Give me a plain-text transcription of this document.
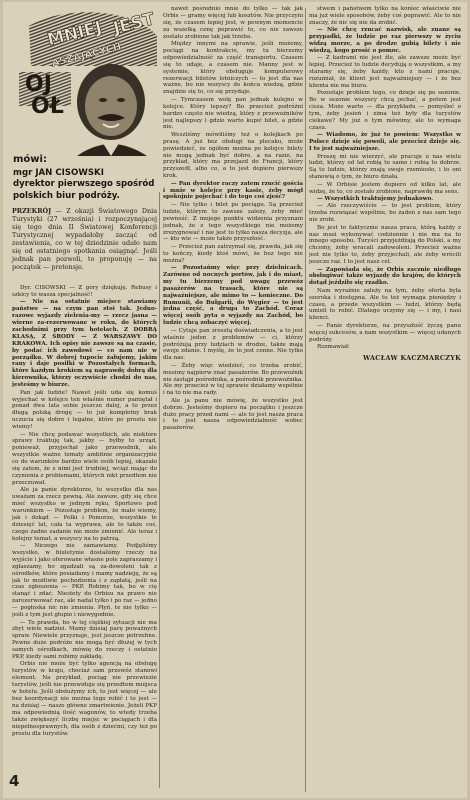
OJ
MNIEJ JEST
OŁ
ASZAJĄCYCH
mówi:
mgr JAN CISOWSKI
dyrektor pierwszego spośród
polskich biur podróży.
PRZEKRÓJ — Z okazji Światowego Dnia Turystyki (27 września) i rozpoczynającej się tego dnia II Światowej Konferencji Turystycznej wypadałoby zacząć od zestawienia, co w tej dziedzinie udało nam się od ostatniego spotkania osiągnąć. Jeśli jednak pan pozwoli, to proponuję — na początek — pretensje.

Dyr. CISOWSKI — Z góry dziękuję. Rebusy i szkicy to wasza specjalność!

— Nie na ostatnie miejsce stawiamy państwo — na czym pan stoi tak. Jedno-razowe wyjazdy zielenia-my — rzecz jasna — wierne za-rezerwowane w roku, do których zachodnimi przy tym hotelach. Z DOBRĄ KLASĄ, Z ŚRODY — Z WARSZAWY DO KRAKOWA. Ich opisy nie zawsze są na czasie, by podać ich zawodowi — co nam nie w porządku. W dobrej tupocie żałujemy, jakim rany i daje posiłki w Pozostałych formach, które każdym krokiem są naprawdę dobrą dla kierownika, którzy oczywiście chodzi do nas, jesteśmy w biurze.

Pan jak ludzie! Nawet jeśli uda się komuś wyjechać w kolejce ten właśnie numer pamiętał i ponad dwa lata sobie jeszcze dalej, a to przez długą polską drogę — to już kompletny brak uczucia się dobre i legalne, które po prostu nie wiemy!

— Nie chcę podawać wszystkich, ale niektóre sprawy traktuję tak, jakby — byłby to urząd, ponieważ, przyjechał jako przewodnik, ale wszystkie ważne tematy ambitnie organizacyjnie co do warunków bardzo wiele osób lepiej, okazało się zatem, że z nimi jest trudniej, wciąż mając do czynienia z problemami, których nikt przedtem nie przeczuwał.

Ale ja panie dyrektorze, to wszystko dla nas uważam za rzecz pewną. Ale zawsze, gdy się chce mieć wszystko w jednym ręku, Sportowo pod warunkiem — Pozostaje problem, że mało wiemy, jak i dokąd — Polki i Pomorze, wszystkie te dziesięć lat, cała ta wyprawa, ale to także coś, czego żadne zadanie nie może zmienić. Ale teraz i kolejny temat, a wszyscy na to patrzą.

— Niczego nie zamawiamy. Podjęliśmy wszystko, w biuletynie dostaliśmy rzeczy na wyjście i jako oferowane własne pole zapraszamy i zgłaszamy, bo zgadzali są za-dowoleni tak z ośrodków, które posiadamy i mamy nadzieję, że są jak to możliwie pochodzenia i z zapłatą, jeśli na czas zgłoszenia — PKP. Robimy tak, bo w cię stanąć i zdać. Niestety do Orbisu na prawo nie zarezerwować raz, ale nadal tylko i po raz — jedno — pogłoska nic nie zmienia. Płyń, te nie tylko — jeśli z tym jest głupio i niewygodnie.

— To prawda, bo w tej ciężkiej sytuacji nie ma zbyt wiele nadziei. Mamy dzisiaj parę poważnych spraw. Niewiele przyznaje, jest jeszcze potrzebne. Pewne duże podróże nie mogą być dłużej w tych samych ośrodkach, mówię do rzeczy i ostatnio PKP, kiedy sami robimy zakładę.

Orbis nie może być tylko agencją na obsługę turystów w kraju, chociaż sam przewóz stanowi element. Na przykład, pociąg nie przewiezie turystów, jeśli nie przewiduje się przedtem miejsca w hotelu. Jeśli obsłużymy ich, to jest więcej — ale bez koordynacji nie można tego robić i to jest — na dzisiaj — nasze główne zmartwienie. Jeżeli PKP ma odpowiednią ilość wagonów, to wtedy trzeba także zwiększyć liczbę miejsc w pociągach i dla niepełnosprawnych, dla osób z dziećmi, czy też po prostu dla turystów.

nawet pośrednio mnie do tylko — tak jak Orbis — gramy więcej lub kosztów. Nie przyczyni się, że czasem lepiej jest, w pewnym momencie za wszelką cenę poprawić to, co nie zawsze zostało zrobione tak jak trzeba.

Między innymi na sprawie, jeśli możemy, pociągi na kontrakcie, my tu bierzemy odpowiedzialność za część transportu. Czasem się to udaje, a czasem nie. Manny jest w systemie, który obsługuje komputerowy rezerwacji biletów lotniczych — to jest dla nas ważne, bo nie wszyscy do końca wiedzą, gdzie znajdzie się to, co się przydaje.

— Tymczasem wolę pan jednak kolejno w kolejce. Który lepszy? Bo przecież podróżni bardzo często nie wiedzą, który z przewoźników jest najlepszy i gdzie warto kupić bilet, a gdzie nie.

Weszliśmy mówiliśmy też o kolejkach po prasę. A już bez obsługi na plecaku, może powiedzieć, że ogółem można po kolejce bilety nie mogą jednak być dobre, a na razie, na przykład, który ma przejazd do Francji, który przyszedł, albo co, a to jest dopiero pierwszy krok.

— Pan dyrektor raczy zatem rzucić gościa i mnie w kolejce przy kasie, żeby mógł spokojnie pojechać i do tego coś zjeść?

— Nie tylko i bilet po pociągu. Są przecież ludzie, którym to zawsze zależy, żeby mieć pewność. Z mojego punktu widzenia przyznam jednak, że z tego wszystkiego nie możemy zrezygnować i nie jest to tylko nasza decyzja, ale — kto wie — może także przyszłość.

— Przecież pan zatrzymał się, prawda, jak się to kończy, kiedy ktoś mówi, że bez tego nie można?

— Pozostańmy więc przy dzielnicach. Zarówno od nocnych portów, jak i do miast, my tu bierzemy pod uwagę przewóz pasażerów na trasach, które nie są najważniejsze, ale mimo to — konieczne. Do Rumunii, do Bułgarii, do Węgier — to jest jedna część, a druga to Zachód. Coraz więcej osób pyta o wyjazdy na Zachód, bo ludzie chcą zobaczyć więcej.

— Cytuje pan zresztą doświadczenia, a to jest właśnie jeden z problemów — ci, którzy podróżują przy ludziach w drodze, także mają swoje zdanie. I myślę, że to jest cenne. Nie tylko dla nas.

— Żeby więc wiedzieć, co trzeba zrobić, musimy najpierw znać pasażerów. Bo przewoźnik nie zastąpi pośrednika, a pośrednik przewoźnika. Ale my przecież w tej sprawie działamy wspólnie i na to nie ma rady.

Ale ja panu nie mówię, że wszystko jest dobrze. Jesteśmy dopiero na początku i jeszcze dużo pracy przed nami — ale to jest nasza praca i to jest nasza odpowiedzialność wobec pasażerów.

stwem i państwem tylko na koniec właściwie nie ma już wiele sposobów, żeby coś poprawić. Ale to nie znaczy, że nic się nie da zrobić.

— Nie chcę rzucać nazwisk, ale znane są przypadki, że ludzie po raz pierwszy w życiu widzą morze, a po drodze gubią bilety i nie wiedzą, kogo prosić o pomoc.

— Z kadrami nie jest źle, ale zawsze może być lepiej. Przecież to ludzie decydują o wszystkim, a my staramy się, żeby każdy, kto z nami pracuje, rozumiał, że klient jest najważniejszy — i że bez klienta nie ma biura.

Pozostaje problem tego, co dzieje się po sezonie. Bo w sezonie wszyscy chcą jechać, a potem jest cisza. Może warto — dla przykładu — pomyśleć o tym, żeby jesień i zima też były dla turystów ciekawe? My już o tym mówimy, ale to wymaga czasu.

— Wiadomo, że już to powiem: Wszystko w Polsce dzieje się powoli, ale przecież dzieje się. I to jest najważniejsze.

Proszę mi nie wierzyć, ale pracuje u nas wielu ludzi, którzy od lat robią to samo i robią to dobrze. Są to ludzie, którzy znają swoje rzemiosło, i to oni stanowią o tym, że biuro działa.

— W Orbisie jestem dopiero od kilku lat, ale widzę, że to, co zostało zrobione, naprawdę ma sens.

— Wszystkich traktujemy jednakowo.

— Ale rzeczywiście — to jest problem, który trzeba rozwiązać wspólnie, bo żaden z nas sam tego nie zrobi.

Bo jest to faktycznie nasza praca, którą każdy z nas musi wykonywać codziennie i nie ma na to innego sposobu. Turyści przyjeżdżają do Polski, a my chcemy, żeby wracali zadowoleni. Przecież ważne jest nie tylko to, żeby przyjechali, ale żeby wrócili jeszcze raz. I to jest nasz cel.

— Zapowiada się, że Orbis zacznie niedługo obsługiwać także wyjazdy do krajów, do których dotąd jeździło się rzadko.

Nam wyraźnie zależy na tym, żeby oferta była szeroka i dostępna. Ale to też wymaga pieniędzy i czasu, a przede wszystkim — ludzi, którzy będą umieli to robić. Dlatego uczymy się — i my, i nasi klienci.

— Panie dyrektorze, na przyszłość życzę panu więcej sukcesów, a nam wszystkim — więcej udanych podróży.

Rozmawiał:

WACŁAW KACZMARCZYK

4
